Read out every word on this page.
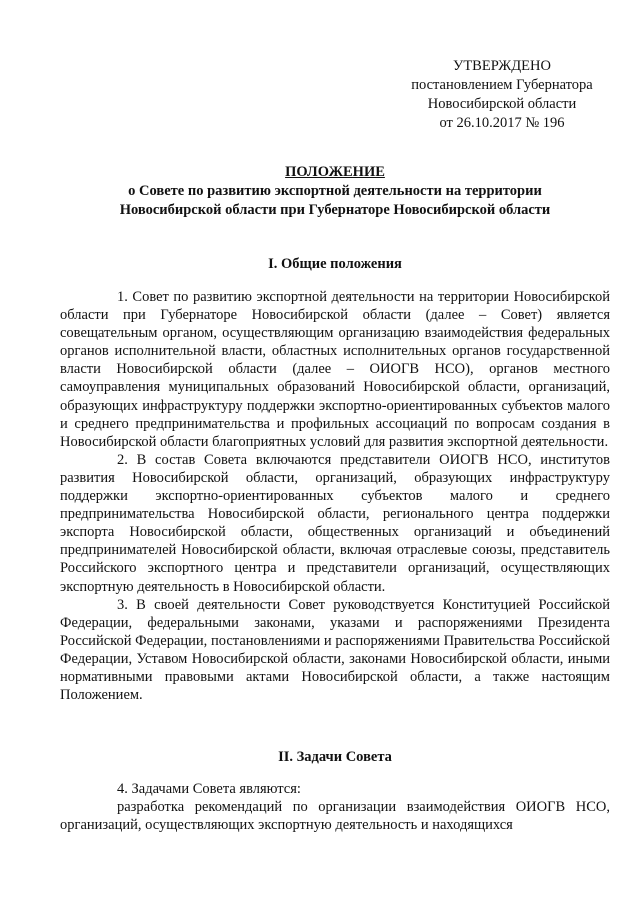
УТВЕРЖДЕНО
постановлением Губернатора
Новосибирской области
от 26.10.2017 № 196
ПОЛОЖЕНИЕ
о Совете по развитию экспортной деятельности на территории
Новосибирской области при Губернаторе Новосибирской области
I. Общие положения

1. Совет по развитию экспортной деятельности на территории Новосибирской области при Губернаторе Новосибирской области (далее – Совет) является совещательным органом, осуществляющим организацию взаимодействия федеральных органов исполнительной власти, областных исполнительных органов государственной власти Новосибирской области (далее – ОИОГВ НСО), органов местного самоуправления муниципальных образований Новосибирской области, организаций, образующих инфраструктуру поддержки экспортно-ориентированных субъектов малого и среднего предпринимательства и профильных ассоциаций по вопросам создания в Новосибирской области благоприятных условий для развития экспортной деятельности.

2. В состав Совета включаются представители ОИОГВ НСО, институтов развития Новосибирской области, организаций, образующих инфраструктуру поддержки экспортно-ориентированных субъектов малого и среднего предпринимательства Новосибирской области, регионального центра поддержки экспорта Новосибирской области, общественных организаций и объединений предпринимателей Новосибирской области, включая отраслевые союзы, представитель Российского экспортного центра и представители организаций, осуществляющих экспортную деятельность в Новосибирской области.

3. В своей деятельности Совет руководствуется Конституцией Российской Федерации, федеральными законами, указами и распоряжениями Президента Российской Федерации, постановлениями и распоряжениями Правительства Российской Федерации, Уставом Новосибирской области, законами Новосибирской области, иными нормативными правовыми актами Новосибирской области, а также настоящим Положением.

II. Задачи Совета

4. Задачами Совета являются:

разработка рекомендаций по организации взаимодействия ОИОГВ НСО, организаций, осуществляющих экспортную деятельность и находящихся
